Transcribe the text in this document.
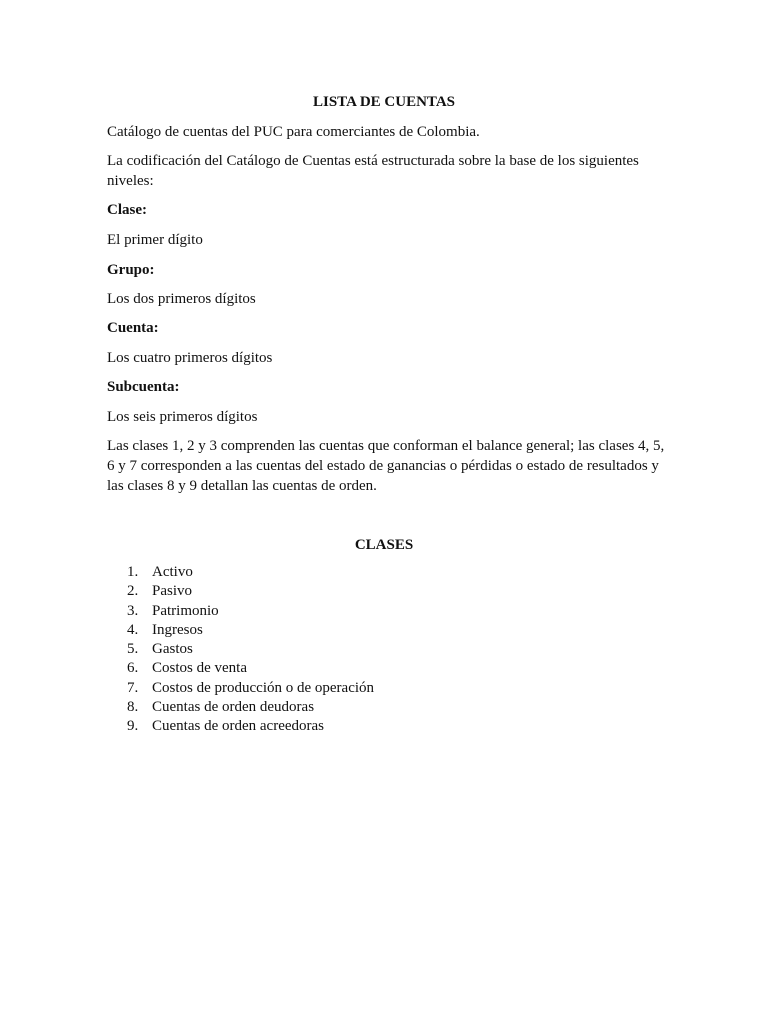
LISTA DE CUENTAS

Catálogo de cuentas del PUC para comerciantes de Colombia.

La codificación del Catálogo de Cuentas está estructurada sobre la base de los siguientes niveles:

Clase:

El primer dígito

Grupo:

Los dos primeros dígitos

Cuenta:

Los cuatro primeros dígitos

Subcuenta:

Los seis primeros dígitos

Las clases 1, 2 y 3 comprenden las cuentas que conforman el balance general; las clases 4, 5, 6 y 7 corresponden a las cuentas del estado de ganancias o pérdidas o estado de resultados y las clases 8 y 9 detallan las cuentas de orden.

CLASES
1. Activo
2. Pasivo
3. Patrimonio
4. Ingresos
5. Gastos
6. Costos de venta
7. Costos de producción o de operación
8. Cuentas de orden deudoras
9. Cuentas de orden acreedoras
